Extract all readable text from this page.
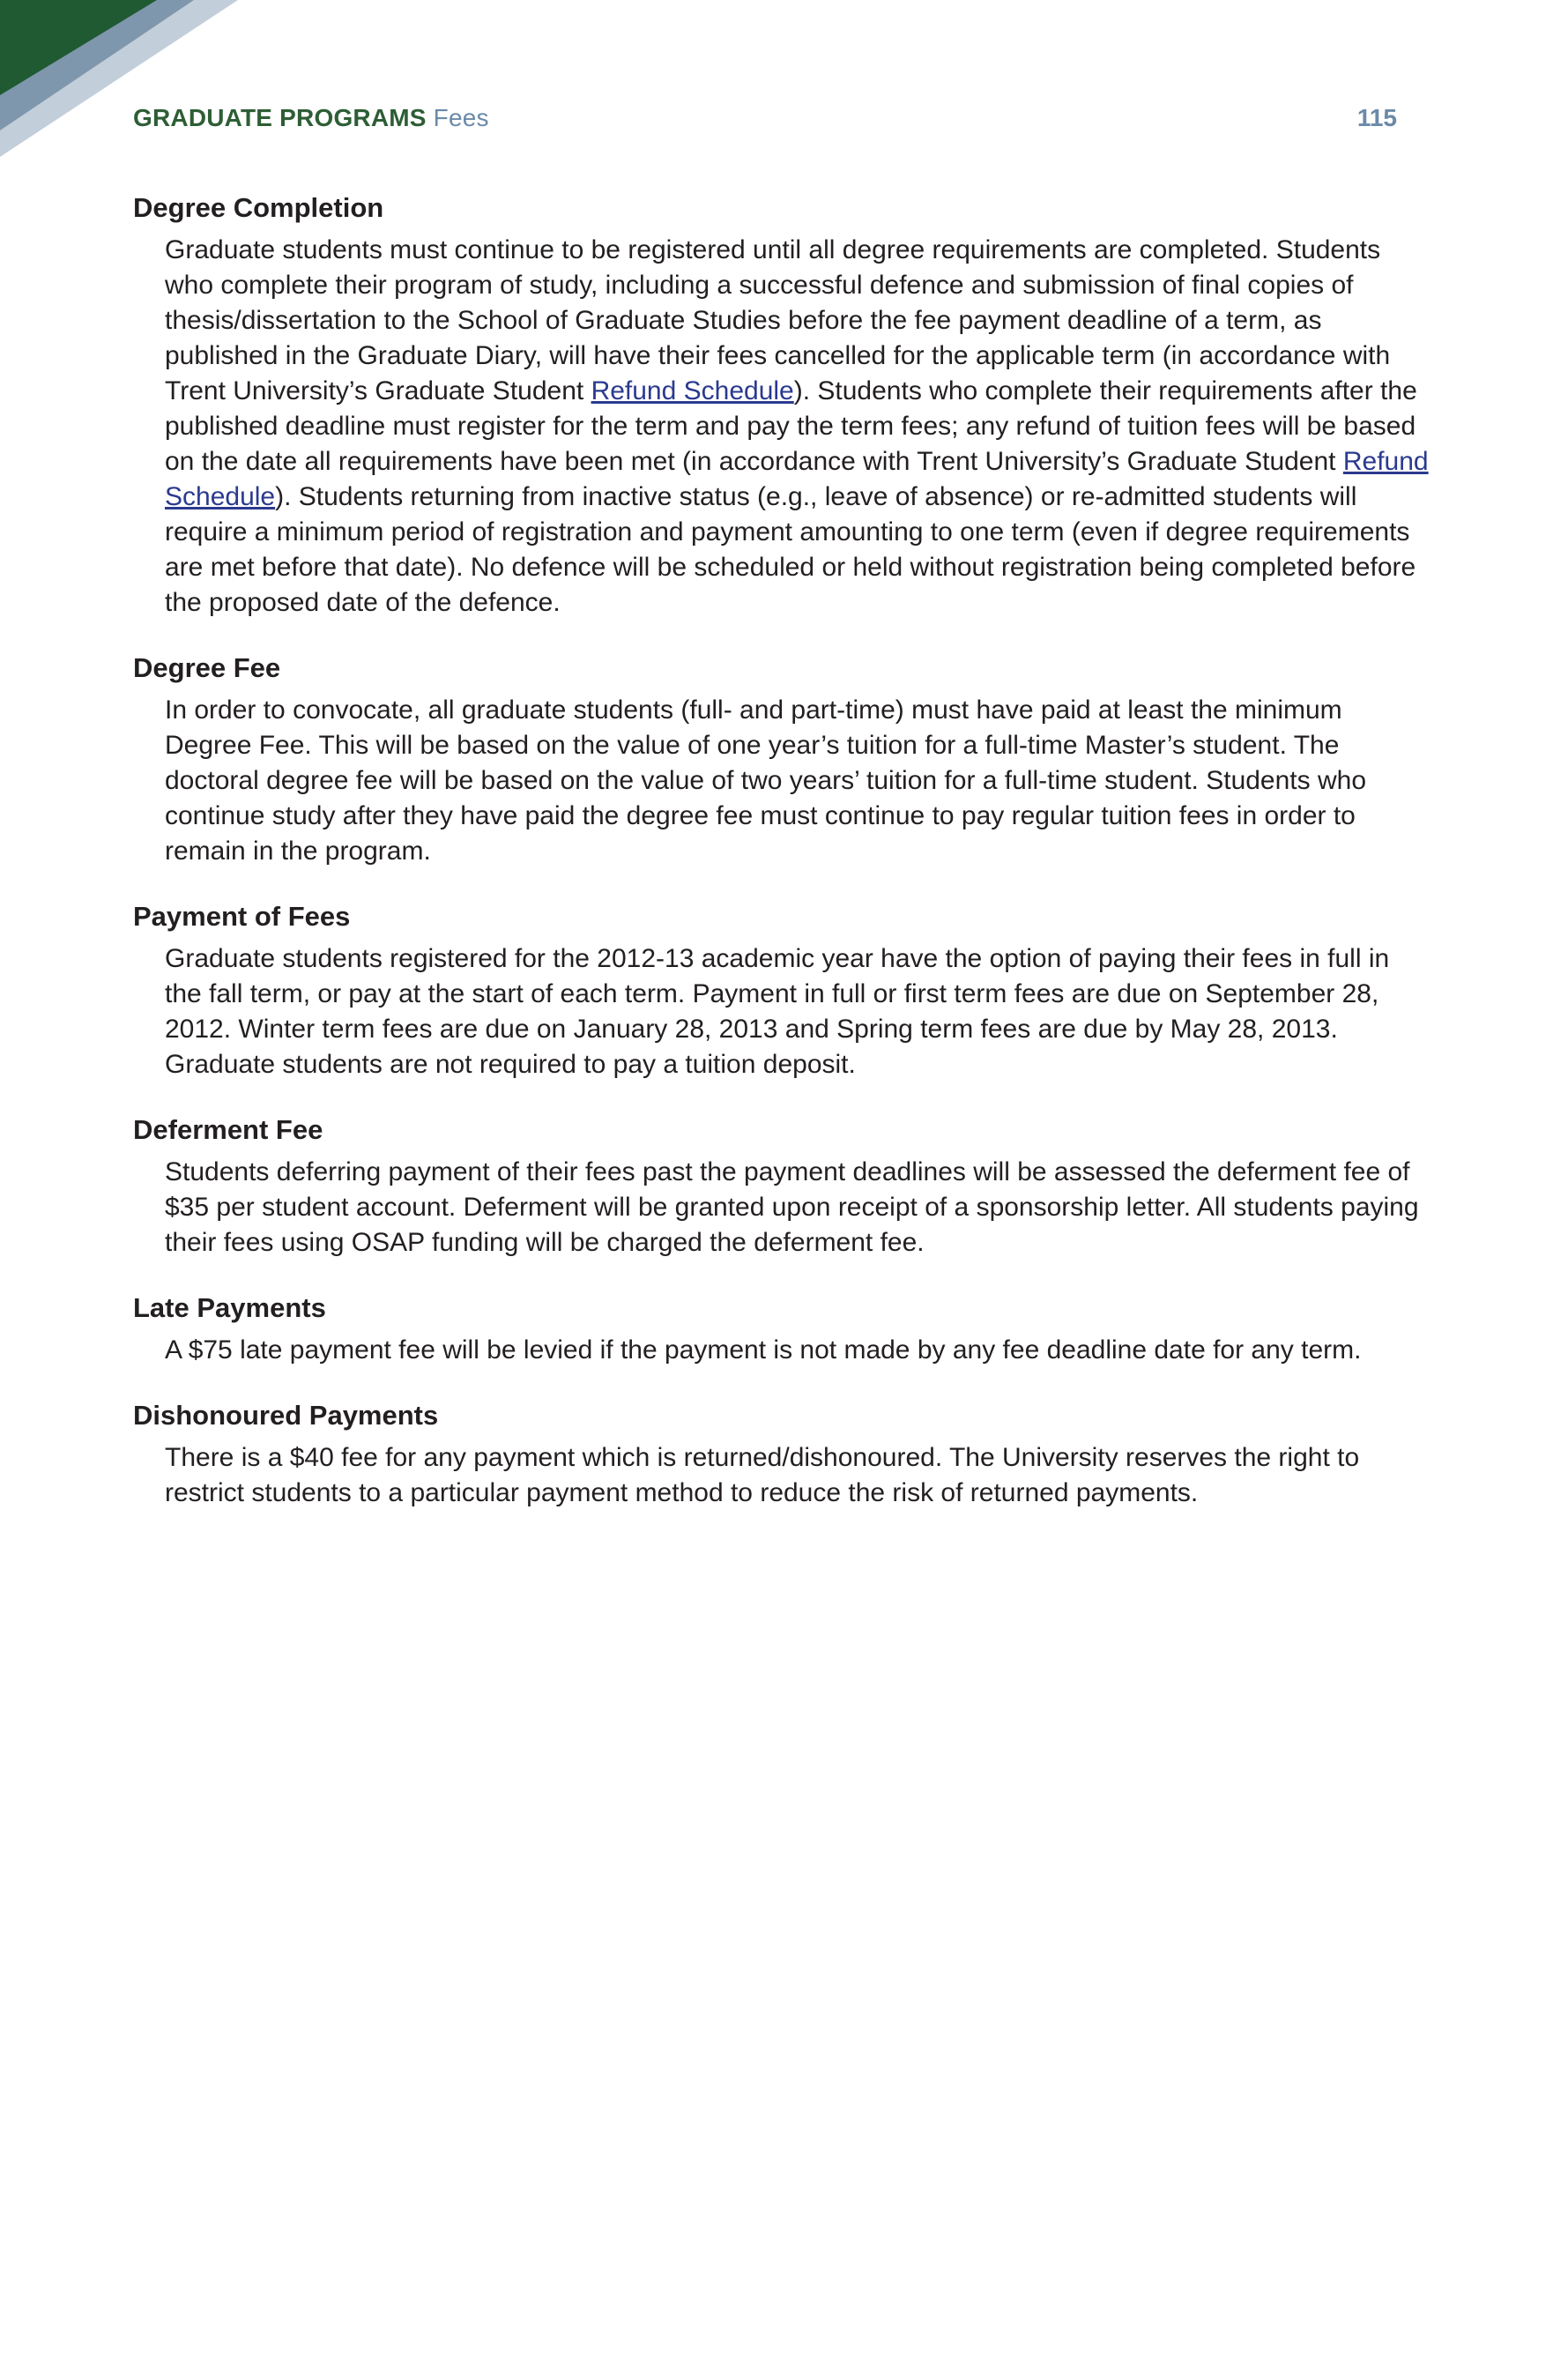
GRADUATE PROGRAMS Fees	115
Degree Completion
Graduate students must continue to be registered until all degree requirements are completed. Students who complete their program of study, including a successful defence and submission of final copies of thesis/dissertation to the School of Graduate Studies before the fee payment deadline of a term, as published in the Graduate Diary, will have their fees cancelled for the applicable term (in accordance with Trent University’s Graduate Student Refund Schedule). Students who complete their requirements after the published deadline must register for the term and pay the term fees; any refund of tuition fees will be based on the date all requirements have been met (in accordance with Trent University’s Graduate Student Refund Schedule). Students returning from inactive status (e.g., leave of absence) or re-admitted students will require a minimum period of registration and payment amounting to one term (even if degree requirements are met before that date). No defence will be scheduled or held without registration being completed before the proposed date of the defence.
Degree Fee
In order to convocate, all graduate students (full- and part-time) must have paid at least the minimum Degree Fee. This will be based on the value of one year’s tuition for a full-time Master’s student. The doctoral degree fee will be based on the value of two years’ tuition for a full-time student. Students who continue study after they have paid the degree fee must continue to pay regular tuition fees in order to remain in the program.
Payment of Fees
Graduate students registered for the 2012-13 academic year have the option of paying their fees in full in the fall term, or pay at the start of each term. Payment in full or first term fees are due on September 28, 2012. Winter term fees are due on January 28, 2013 and Spring term fees are due by May 28, 2013. Graduate students are not required to pay a tuition deposit.
Deferment Fee
Students deferring payment of their fees past the payment deadlines will be assessed the deferment fee of $35 per student account. Deferment will be granted upon receipt of a sponsorship letter. All students paying their fees using OSAP funding will be charged the deferment fee.
Late Payments
A $75 late payment fee will be levied if the payment is not made by any fee deadline date for any term.
Dishonoured Payments
There is a $40 fee for any payment which is returned/dishonoured. The University reserves the right to restrict students to a particular payment method to reduce the risk of returned payments.
